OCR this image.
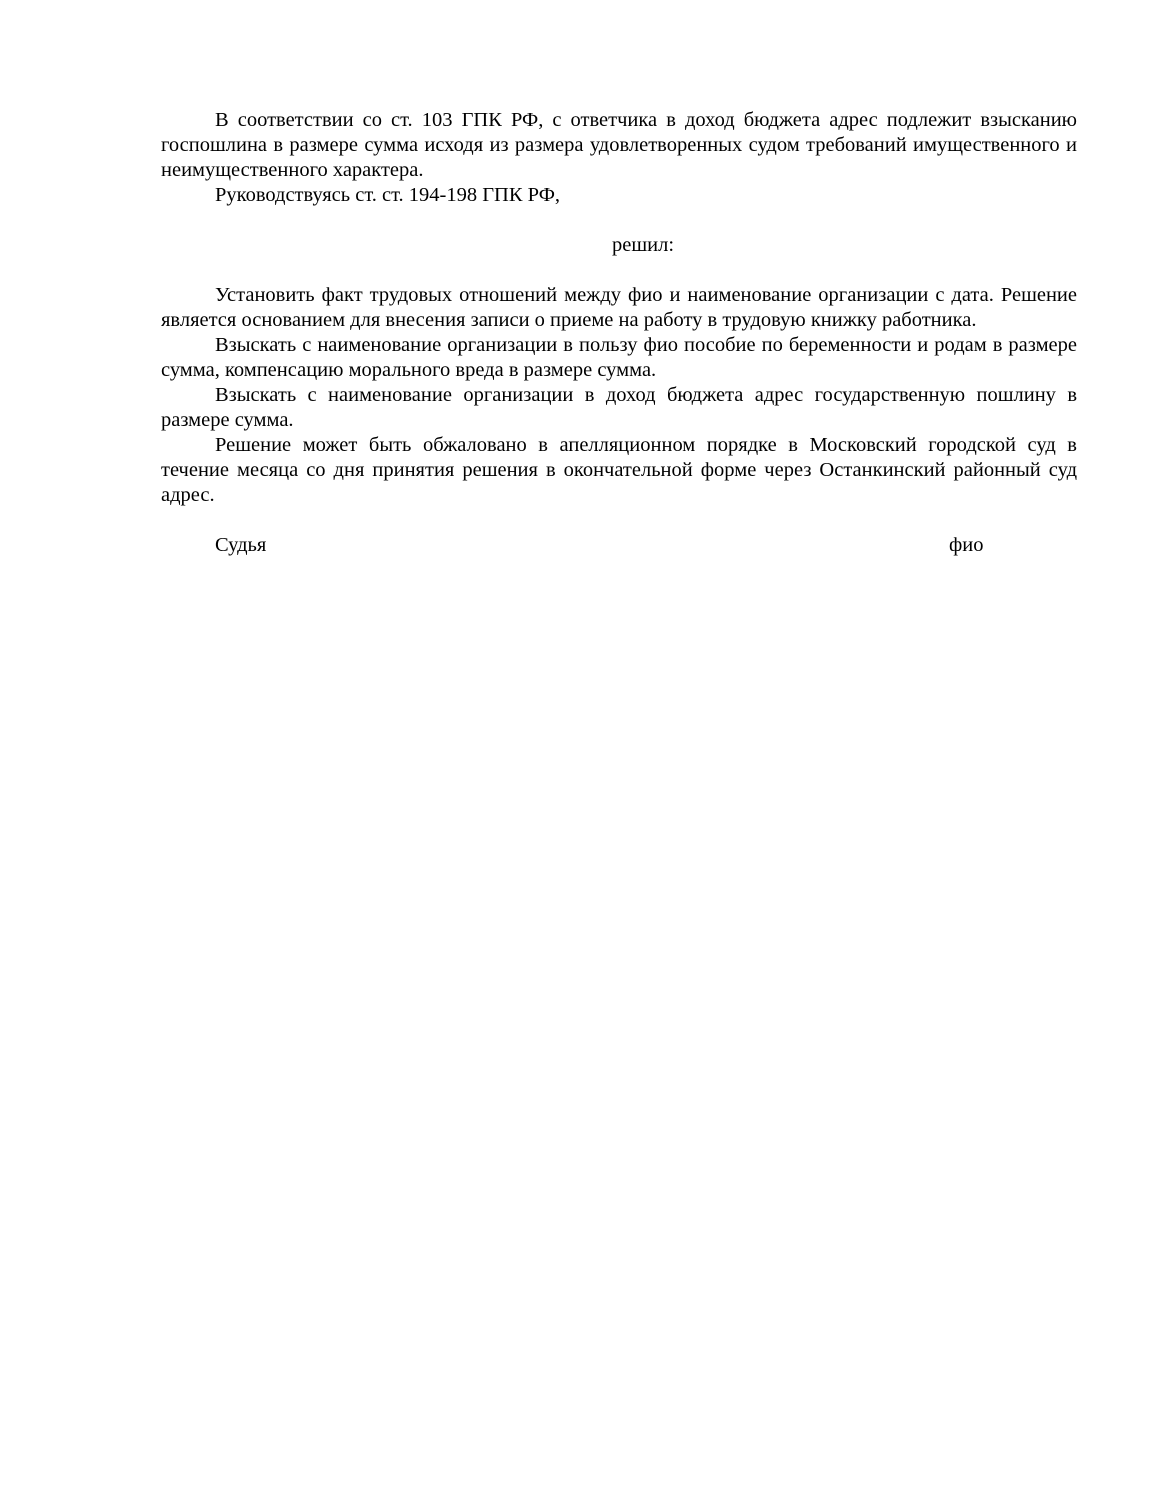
В соответствии со ст. 103 ГПК РФ, с ответчика в доход бюджета адрес подлежит взысканию госпошлина в размере сумма исходя из размера удовлетворенных судом требований имущественного и неимущественного характера.

Руководствуясь ст. ст. 194-198 ГПК РФ,

решил:

Установить факт трудовых отношений между фио и наименование организации с дата. Решение является основанием для внесения записи о приеме на работу в трудовую книжку работника.

Взыскать с наименование организации в пользу фио пособие по беременности и родам в размере сумма, компенсацию морального вреда в размере сумма.

Взыскать с наименование организации в доход бюджета адрес государственную пошлину в размере сумма.

Решение может быть обжаловано в апелляционном порядке в Московский городской суд в течение месяца со дня принятия решения в окончательной форме через Останкинский районный суд адрес.

Судья	фио
